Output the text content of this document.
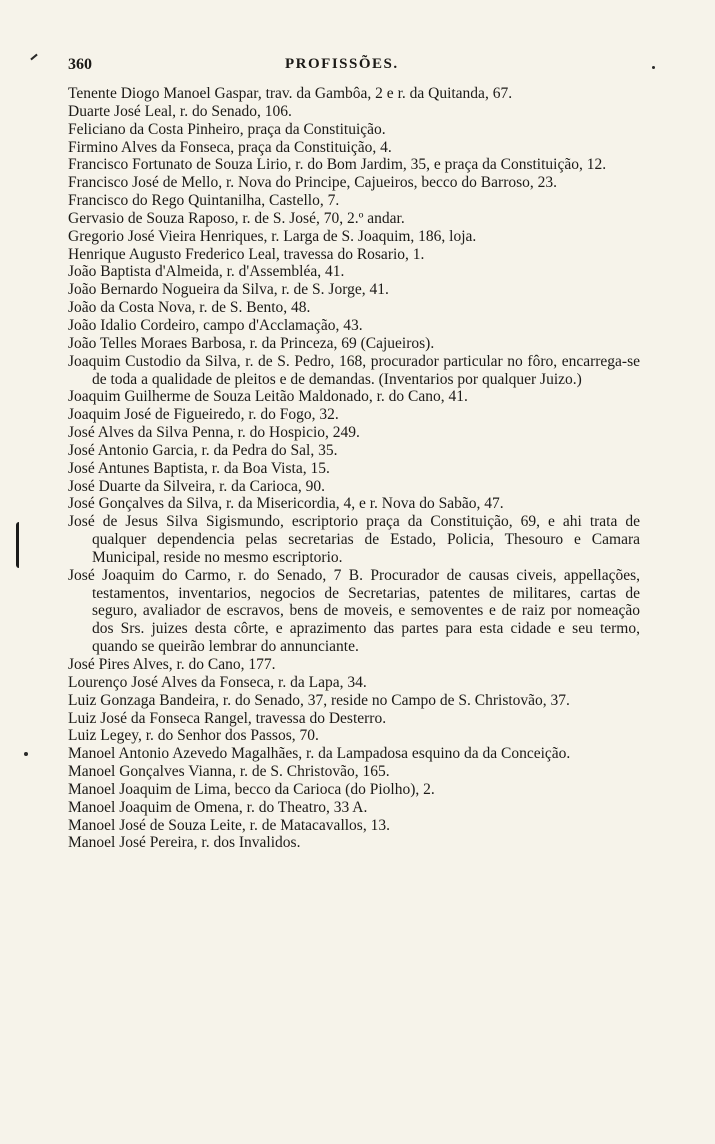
360	PROFISSÕES.

Tenente Diogo Manoel Gaspar, trav. da Gambôa, 2 e r. da Quitanda, 67.

Duarte José Leal, r. do Senado, 106.

Feliciano da Costa Pinheiro, praça da Constituição.

Firmino Alves da Fonseca, praça da Constituição, 4.

Francisco Fortunato de Souza Lirio, r. do Bom Jardim, 35, e praça da Constituição, 12.

Francisco José de Mello, r. Nova do Principe, Cajueiros, becco do Barroso, 23.

Francisco do Rego Quintanilha, Castello, 7.

Gervasio de Souza Raposo, r. de S. José, 70, 2.º andar.

Gregorio José Vieira Henriques, r. Larga de S. Joaquim, 186, loja.

Henrique Augusto Frederico Leal, travessa do Rosario, 1.

João Baptista d'Almeida, r. d'Assembléa, 41.

João Bernardo Nogueira da Silva, r. de S. Jorge, 41.

João da Costa Nova, r. de S. Bento, 48.

João Idalio Cordeiro, campo d'Acclamação, 43.

João Telles Moraes Barbosa, r. da Princeza, 69 (Cajueiros).

Joaquim Custodio da Silva, r. de S. Pedro, 168, procurador particular no fôro, encarrega-se de toda a qualidade de pleitos e de demandas. (Inventarios por qualquer Juizo.)

Joaquim Guilherme de Souza Leitão Maldonado, r. do Cano, 41.

Joaquim José de Figueiredo, r. do Fogo, 32.

José Alves da Silva Penna, r. do Hospicio, 249.

José Antonio Garcia, r. da Pedra do Sal, 35.

José Antunes Baptista, r. da Boa Vista, 15.

José Duarte da Silveira, r. da Carioca, 90.

José Gonçalves da Silva, r. da Misericordia, 4, e r. Nova do Sabão, 47.

José de Jesus Silva Sigismundo, escriptorio praça da Constituição, 69, e ahi trata de qualquer dependencia pelas secretarias de Estado, Policia, Thesouro e Camara Municipal, reside no mesmo escriptorio.

José Joaquim do Carmo, r. do Senado, 7 B. Procurador de causas civeis, appellações, testamentos, inventarios, negocios de Secretarias, patentes de militares, cartas de seguro, avaliador de escravos, bens de moveis, e semoventes e de raiz por nomeação dos Srs. juizes desta côrte, e aprazimento das partes para esta cidade e seu termo, quando se queirão lembrar do annunciante.

José Pires Alves, r. do Cano, 177.

Lourenço José Alves da Fonseca, r. da Lapa, 34.

Luiz Gonzaga Bandeira, r. do Senado, 37, reside no Campo de S. Christovão, 37.

Luiz José da Fonseca Rangel, travessa do Desterro.

Luiz Legey, r. do Senhor dos Passos, 70.

Manoel Antonio Azevedo Magalhães, r. da Lampadosa esquino da da Conceição.

Manoel Gonçalves Vianna, r. de S. Christovão, 165.

Manoel Joaquim de Lima, becco da Carioca (do Piolho), 2.

Manoel Joaquim de Omena, r. do Theatro, 33 A.

Manoel José de Souza Leite, r. de Matacavallos, 13.

Manoel José Pereira, r. dos Invalidos.
